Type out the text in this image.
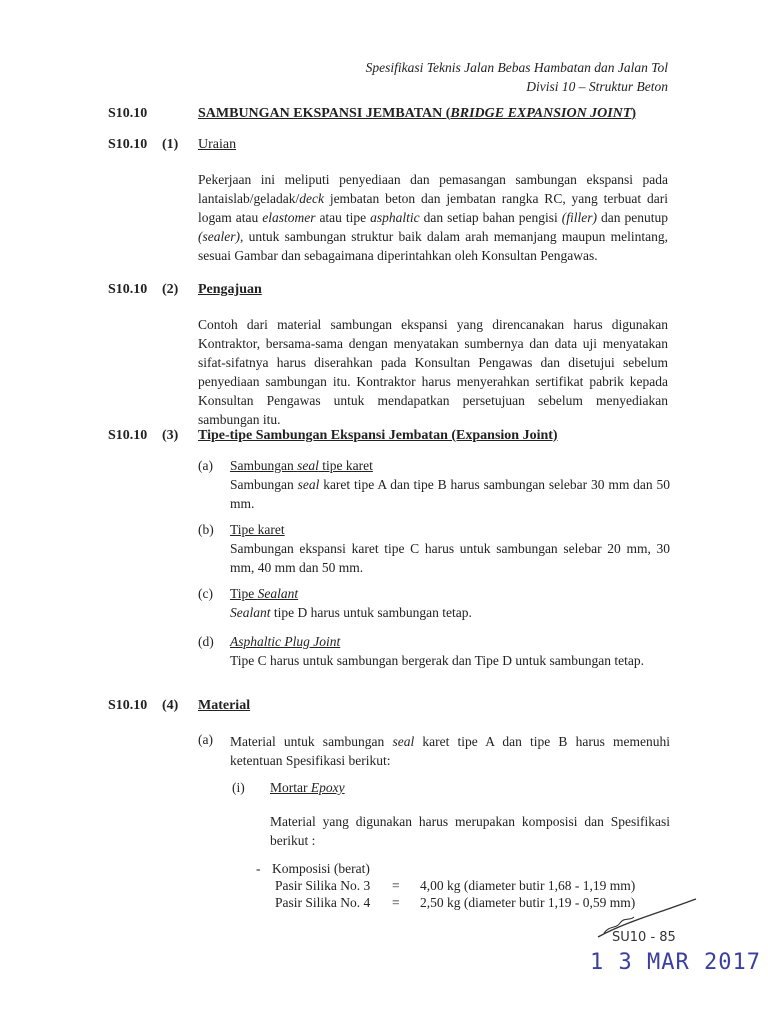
Spesifikasi Teknis Jalan Bebas Hambatan dan Jalan Tol
Divisi 10 – Struktur Beton
S10.10	SAMBUNGAN EKSPANSI JEMBATAN (BRIDGE EXPANSION JOINT)
S10.10 (1) Uraian
Pekerjaan ini meliputi penyediaan dan pemasangan sambungan ekspansi pada lantaislab/geladak/deck jembatan beton dan jembatan rangka RC, yang terbuat dari logam atau elastomer atau tipe asphaltic dan setiap bahan pengisi (filler) dan penutup (sealer), untuk sambungan struktur baik dalam arah memanjang maupun melintang, sesuai Gambar dan sebagaimana diperintahkan oleh Konsultan Pengawas.
S10.10 (2) Pengajuan
Contoh dari material sambungan ekspansi yang direncanakan harus digunakan Kontraktor, bersama-sama dengan menyatakan sumbernya dan data uji menyatakan sifat-sifatnya harus diserahkan pada Konsultan Pengawas dan disetujui sebelum penyediaan sambungan itu. Kontraktor harus menyerahkan sertifikat pabrik kepada Konsultan Pengawas untuk mendapatkan persetujuan sebelum menyediakan sambungan itu.
S10.10 (3) Tipe-tipe Sambungan Ekspansi Jembatan (Expansion Joint)
(a) Sambungan seal tipe karet
Sambungan seal karet tipe A dan tipe B harus sambungan selebar 30 mm dan 50 mm.
(b) Tipe karet
Sambungan ekspansi karet tipe C harus untuk sambungan selebar 20 mm, 30 mm, 40 mm dan 50 mm.
(c) Tipe Sealant
Sealant tipe D harus untuk sambungan tetap.
(d) Asphaltic Plug Joint
Tipe C harus untuk sambungan bergerak dan Tipe D untuk sambungan tetap.
S10.10 (4) Material
(a) Material untuk sambungan seal karet tipe A dan tipe B harus memenuhi ketentuan Spesifikasi berikut:
(i) Mortar Epoxy
Material yang digunakan harus merupakan komposisi dan Spesifikasi berikut :
- Komposisi (berat)
Pasir Silika No. 3 = 4,00 kg (diameter butir 1,68 - 1,19 mm)
Pasir Silika No. 4 = 2,50 kg (diameter butir 1,19 - 0,59 mm)
SU10 - 85
1 3 MAR 2017
